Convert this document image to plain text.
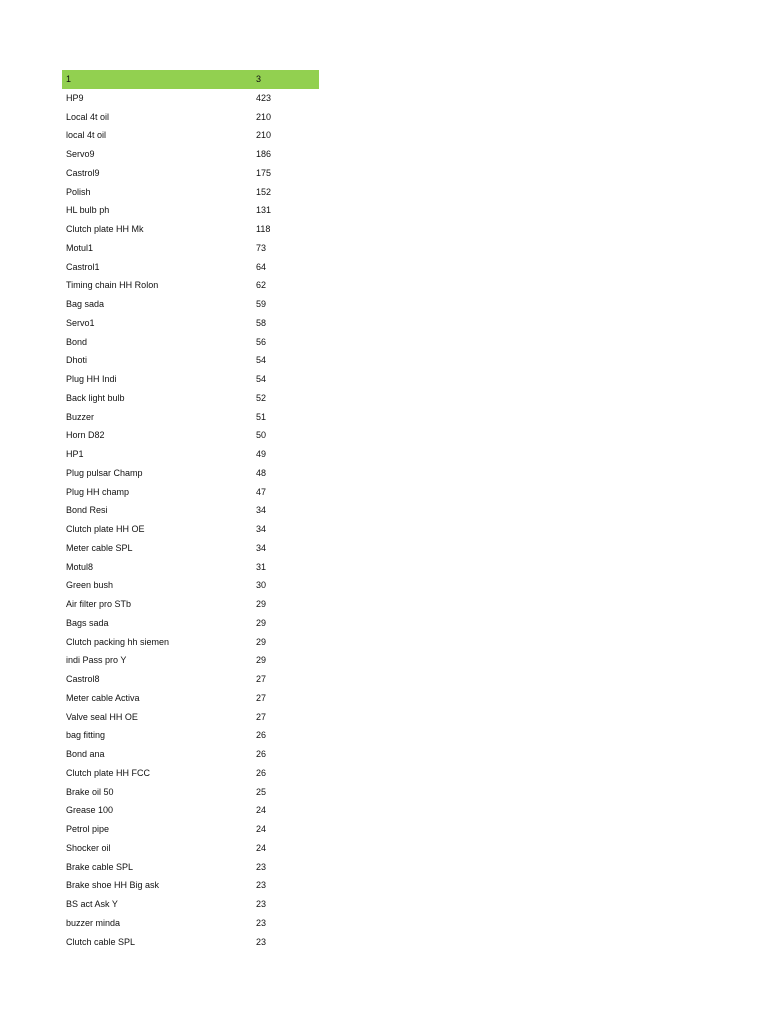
1	3
HP9	423
Local 4t oil	210
local 4t oil	210
Servo9	186
Castrol9	175
Polish	152
HL bulb ph	131
Clutch plate HH Mk	118
Motul1	73
Castrol1	64
Timing chain HH Rolon	62
Bag sada	59
Servo1	58
Bond	56
Dhoti	54
Plug HH Indi	54
Back light bulb	52
Buzzer	51
Horn D82	50
HP1	49
Plug pulsar Champ	48
Plug HH champ	47
Bond Resi	34
Clutch plate HH OE	34
Meter cable SPL	34
Motul8	31
Green bush	30
Air filter pro STb	29
Bags sada	29
Clutch packing hh siemen	29
indi Pass pro Y	29
Castrol8	27
Meter cable Activa	27
Valve seal HH OE	27
bag fitting	26
Bond ana	26
Clutch plate HH FCC	26
Brake oil 50	25
Grease 100	24
Petrol pipe	24
Shocker oil	24
Brake cable SPL	23
Brake shoe HH Big ask	23
BS act Ask Y	23
buzzer minda	23
Clutch cable SPL	23
